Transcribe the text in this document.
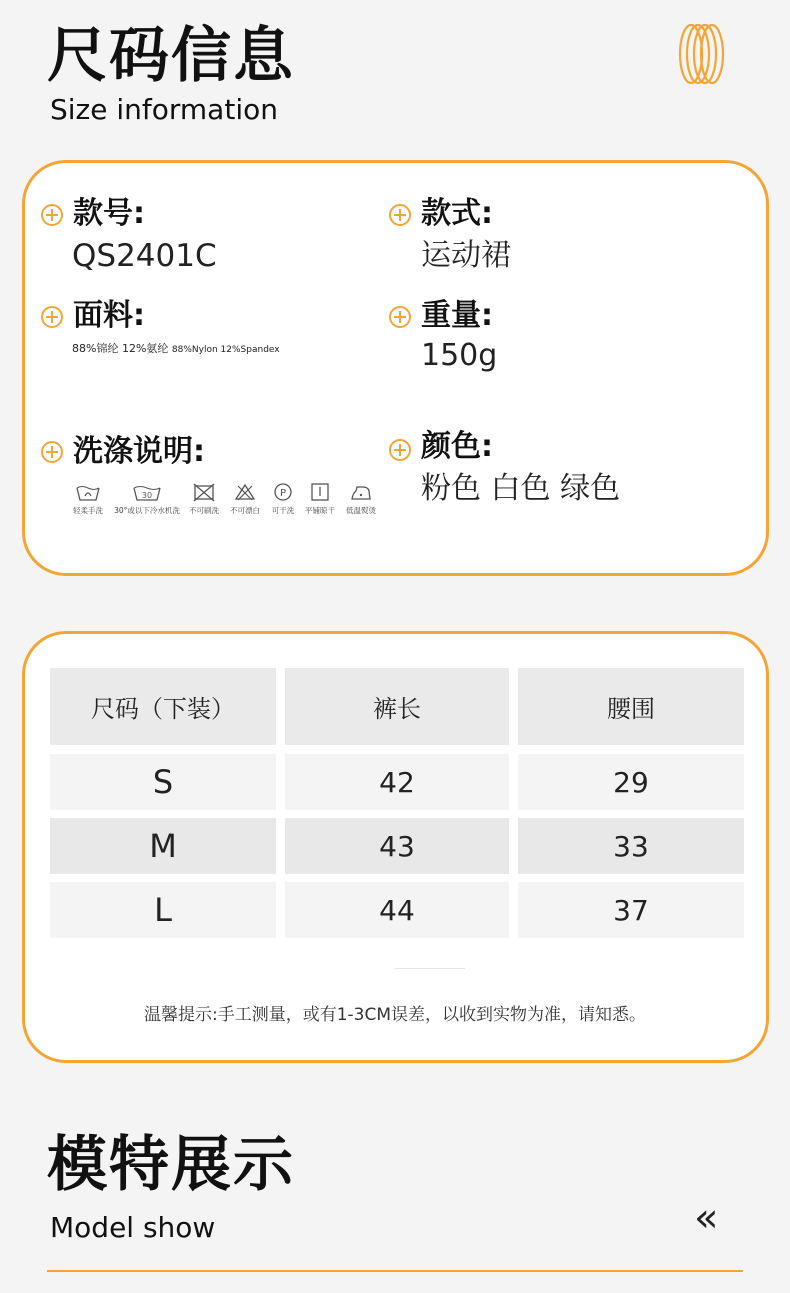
尺码信息
Size information
款号:
QS2401C
款式:
运动裙
面料:
88%锦纶 12%氨纶 88%Nylon 12%Spandex
重量:
150g
洗涤说明:
轻柔手洗
30
30°或以下冷水机洗	不可刷洗	不可漂白
P
可干洗	平铺晾干	低温熨烫
颜色:
粉色 白色 绿色
尺码（下装）	裤长	腰围
S	42	29
M	43	33
L	44	37
温馨提示:手工测量，或有1-3CM误差，以收到实物为准，请知悉。
模特展示
Model show	«
